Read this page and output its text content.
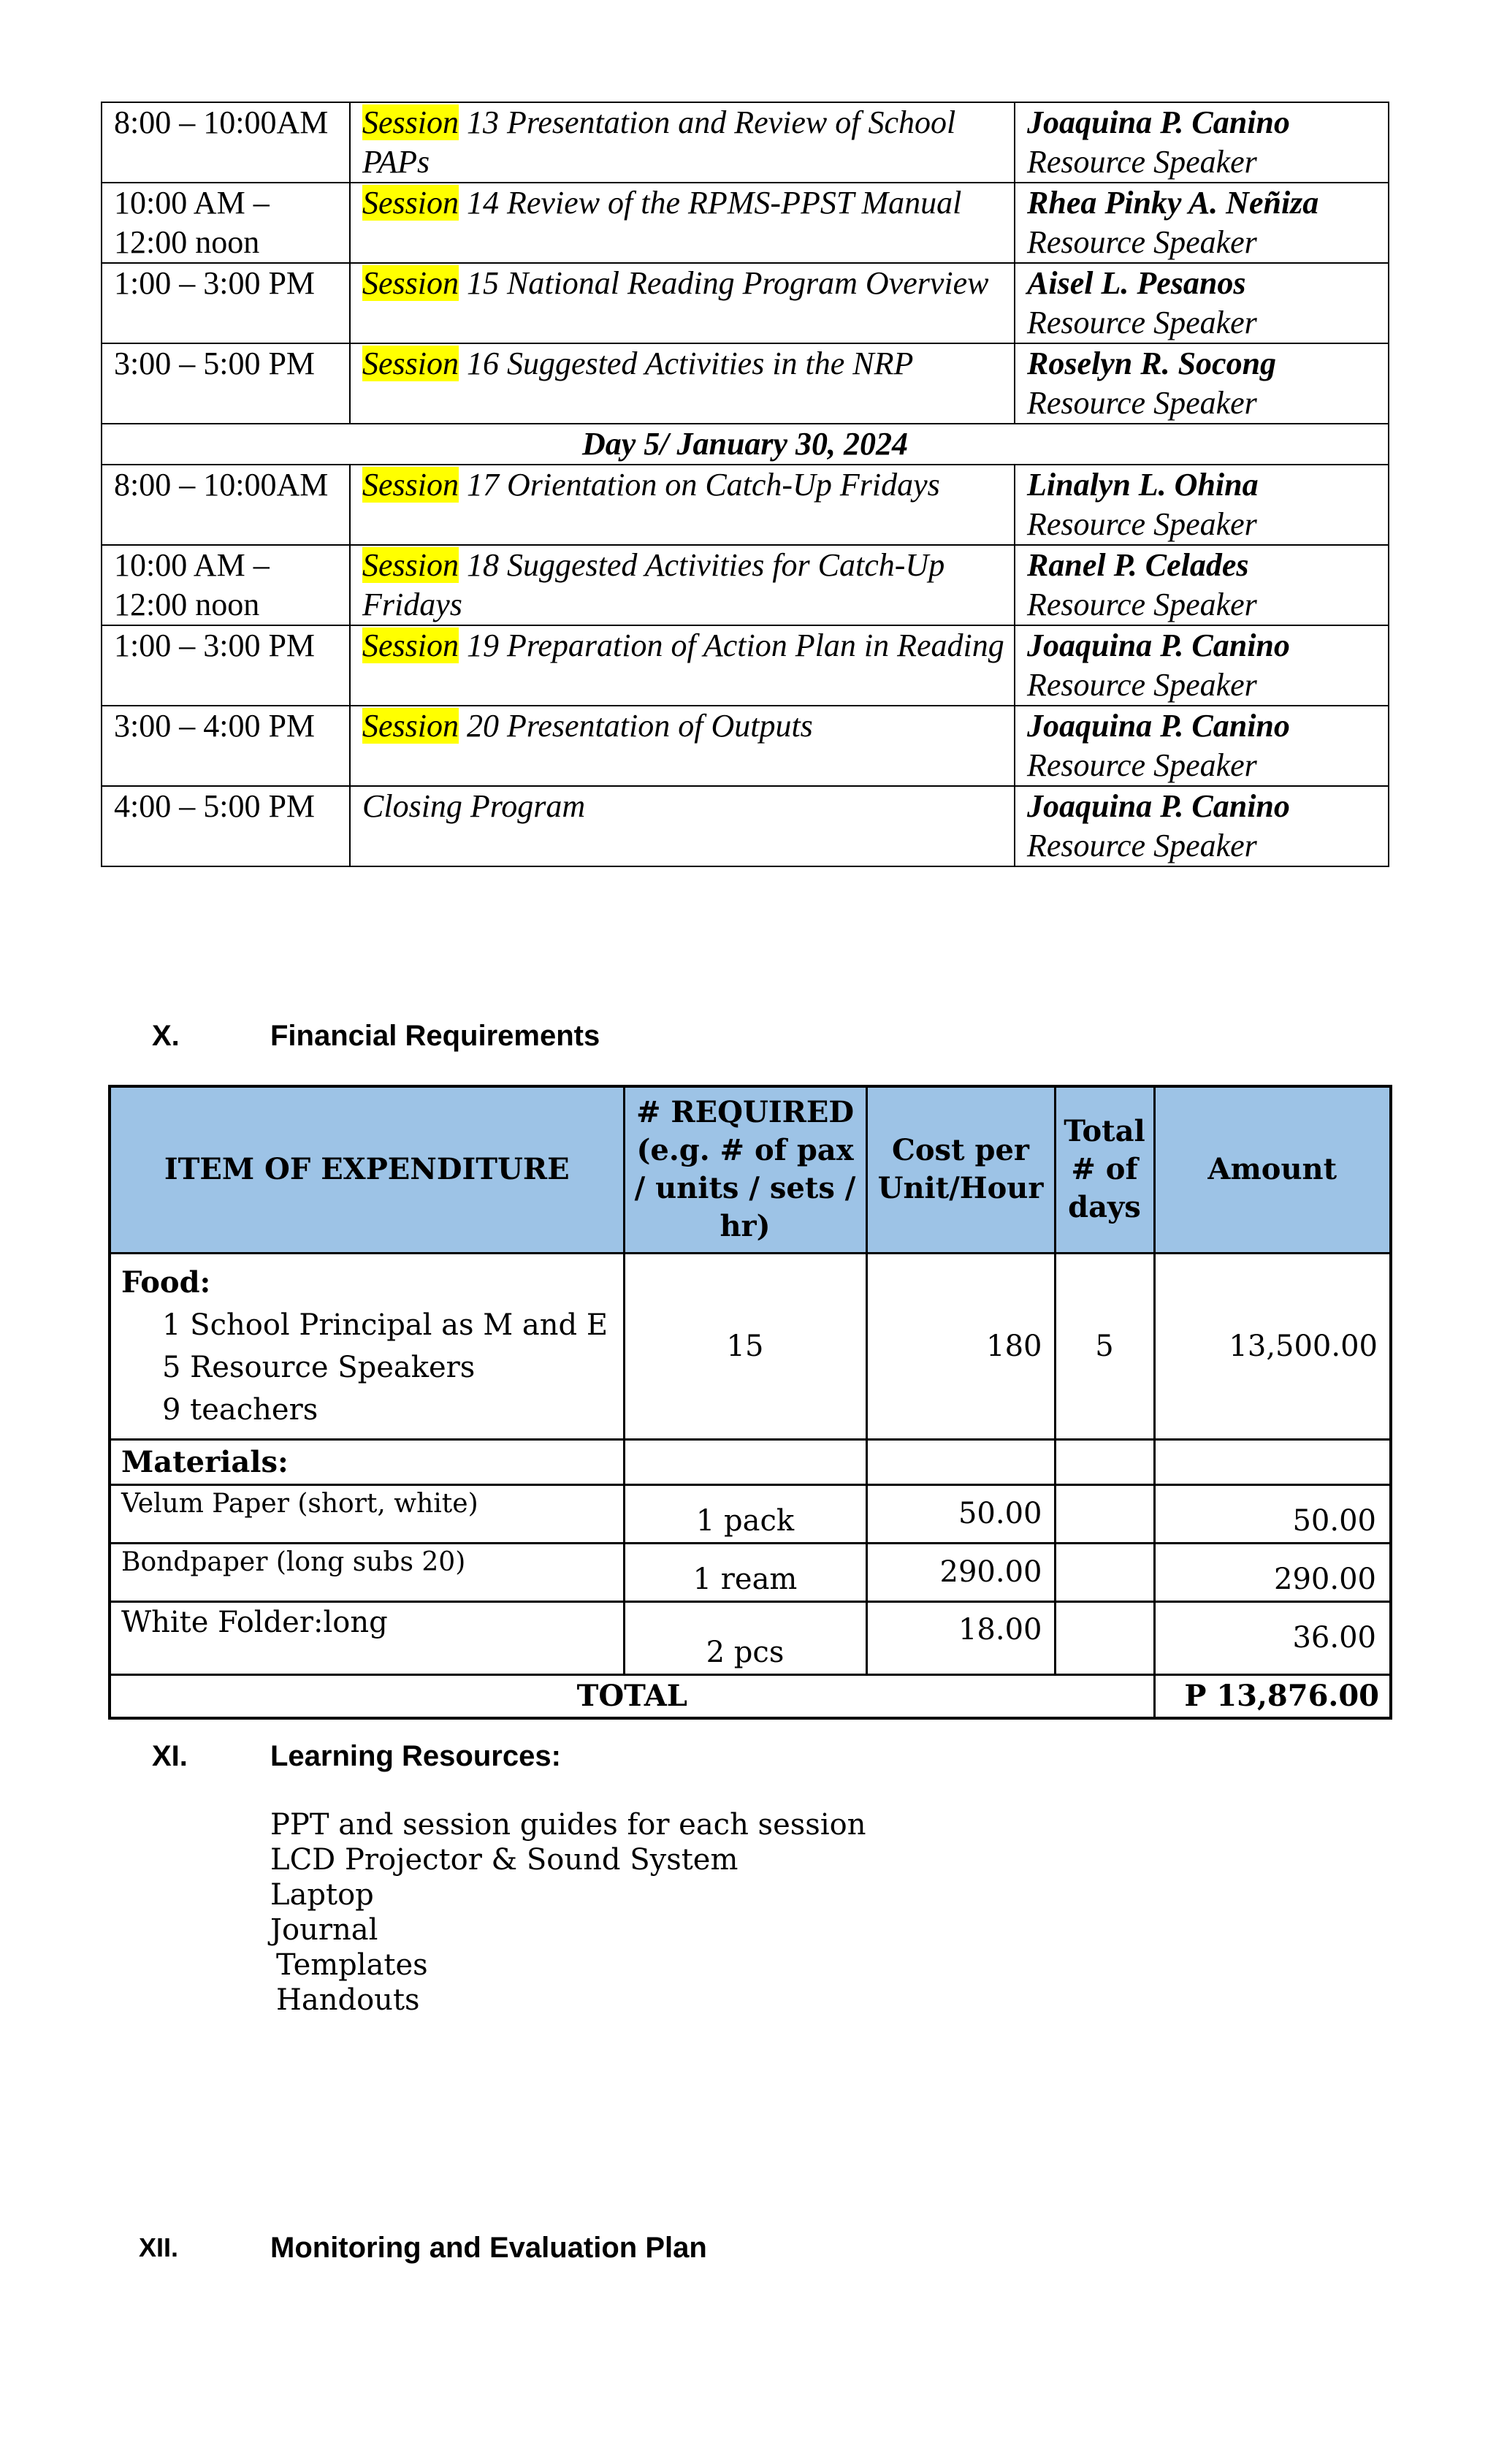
8:00 – 10:00AM	Session 13 Presentation and Review of School PAPs	Joaquina P. Canino
Resource Speaker

10:00 AM – 12:00 noon	Session 14 Review of the RPMS-PPST Manual	Rhea Pinky A. Neñiza
Resource Speaker

1:00 – 3:00 PM	Session 15 National Reading Program Overview	Aisel L. Pesanos
Resource Speaker

3:00 – 5:00 PM	Session 16 Suggested Activities in the NRP	Roselyn R. Socong
Resource Speaker

Day 5/ January 30, 2024		
8:00 – 10:00AM	Session 17 Orientation on Catch-Up Fridays	Linalyn L. Ohina
Resource Speaker

10:00 AM – 12:00 noon	Session 18 Suggested Activities for Catch-Up Fridays	Ranel P. Celades
Resource Speaker

1:00 – 3:00 PM	Session 19 Preparation of Action Plan in Reading	Joaquina P. Canino
Resource Speaker

3:00 – 4:00 PM	Session 20 Presentation of Outputs	Joaquina P. Canino
Resource Speaker

4:00 – 5:00 PM	Closing Program	Joaquina P. Canino
Resource Speaker
X.	Financial Requirements
ITEM OF EXPENDITURE	# REQUIRED (e.g. # of pax / units / sets / hr)	Cost per Unit/Hour	Total # of days	Amount

Food:
1 School Principal as M and E
5 Resource Speakers
9 teachers	15	180	5	13,500.00
Materials:				
Velum Paper (short, white)	1 pack	50.00		50.00
Bondpaper (long subs 20)	1 ream	290.00		290.00
White Folder:long	2 pcs	18.00		36.00
TOTAL				P 13,876.00
XI.	Learning Resources:
PPT and session guides for each session
LCD Projector & Sound System
Laptop
Journal
Templates
Handouts
XII.	Monitoring and Evaluation Plan
